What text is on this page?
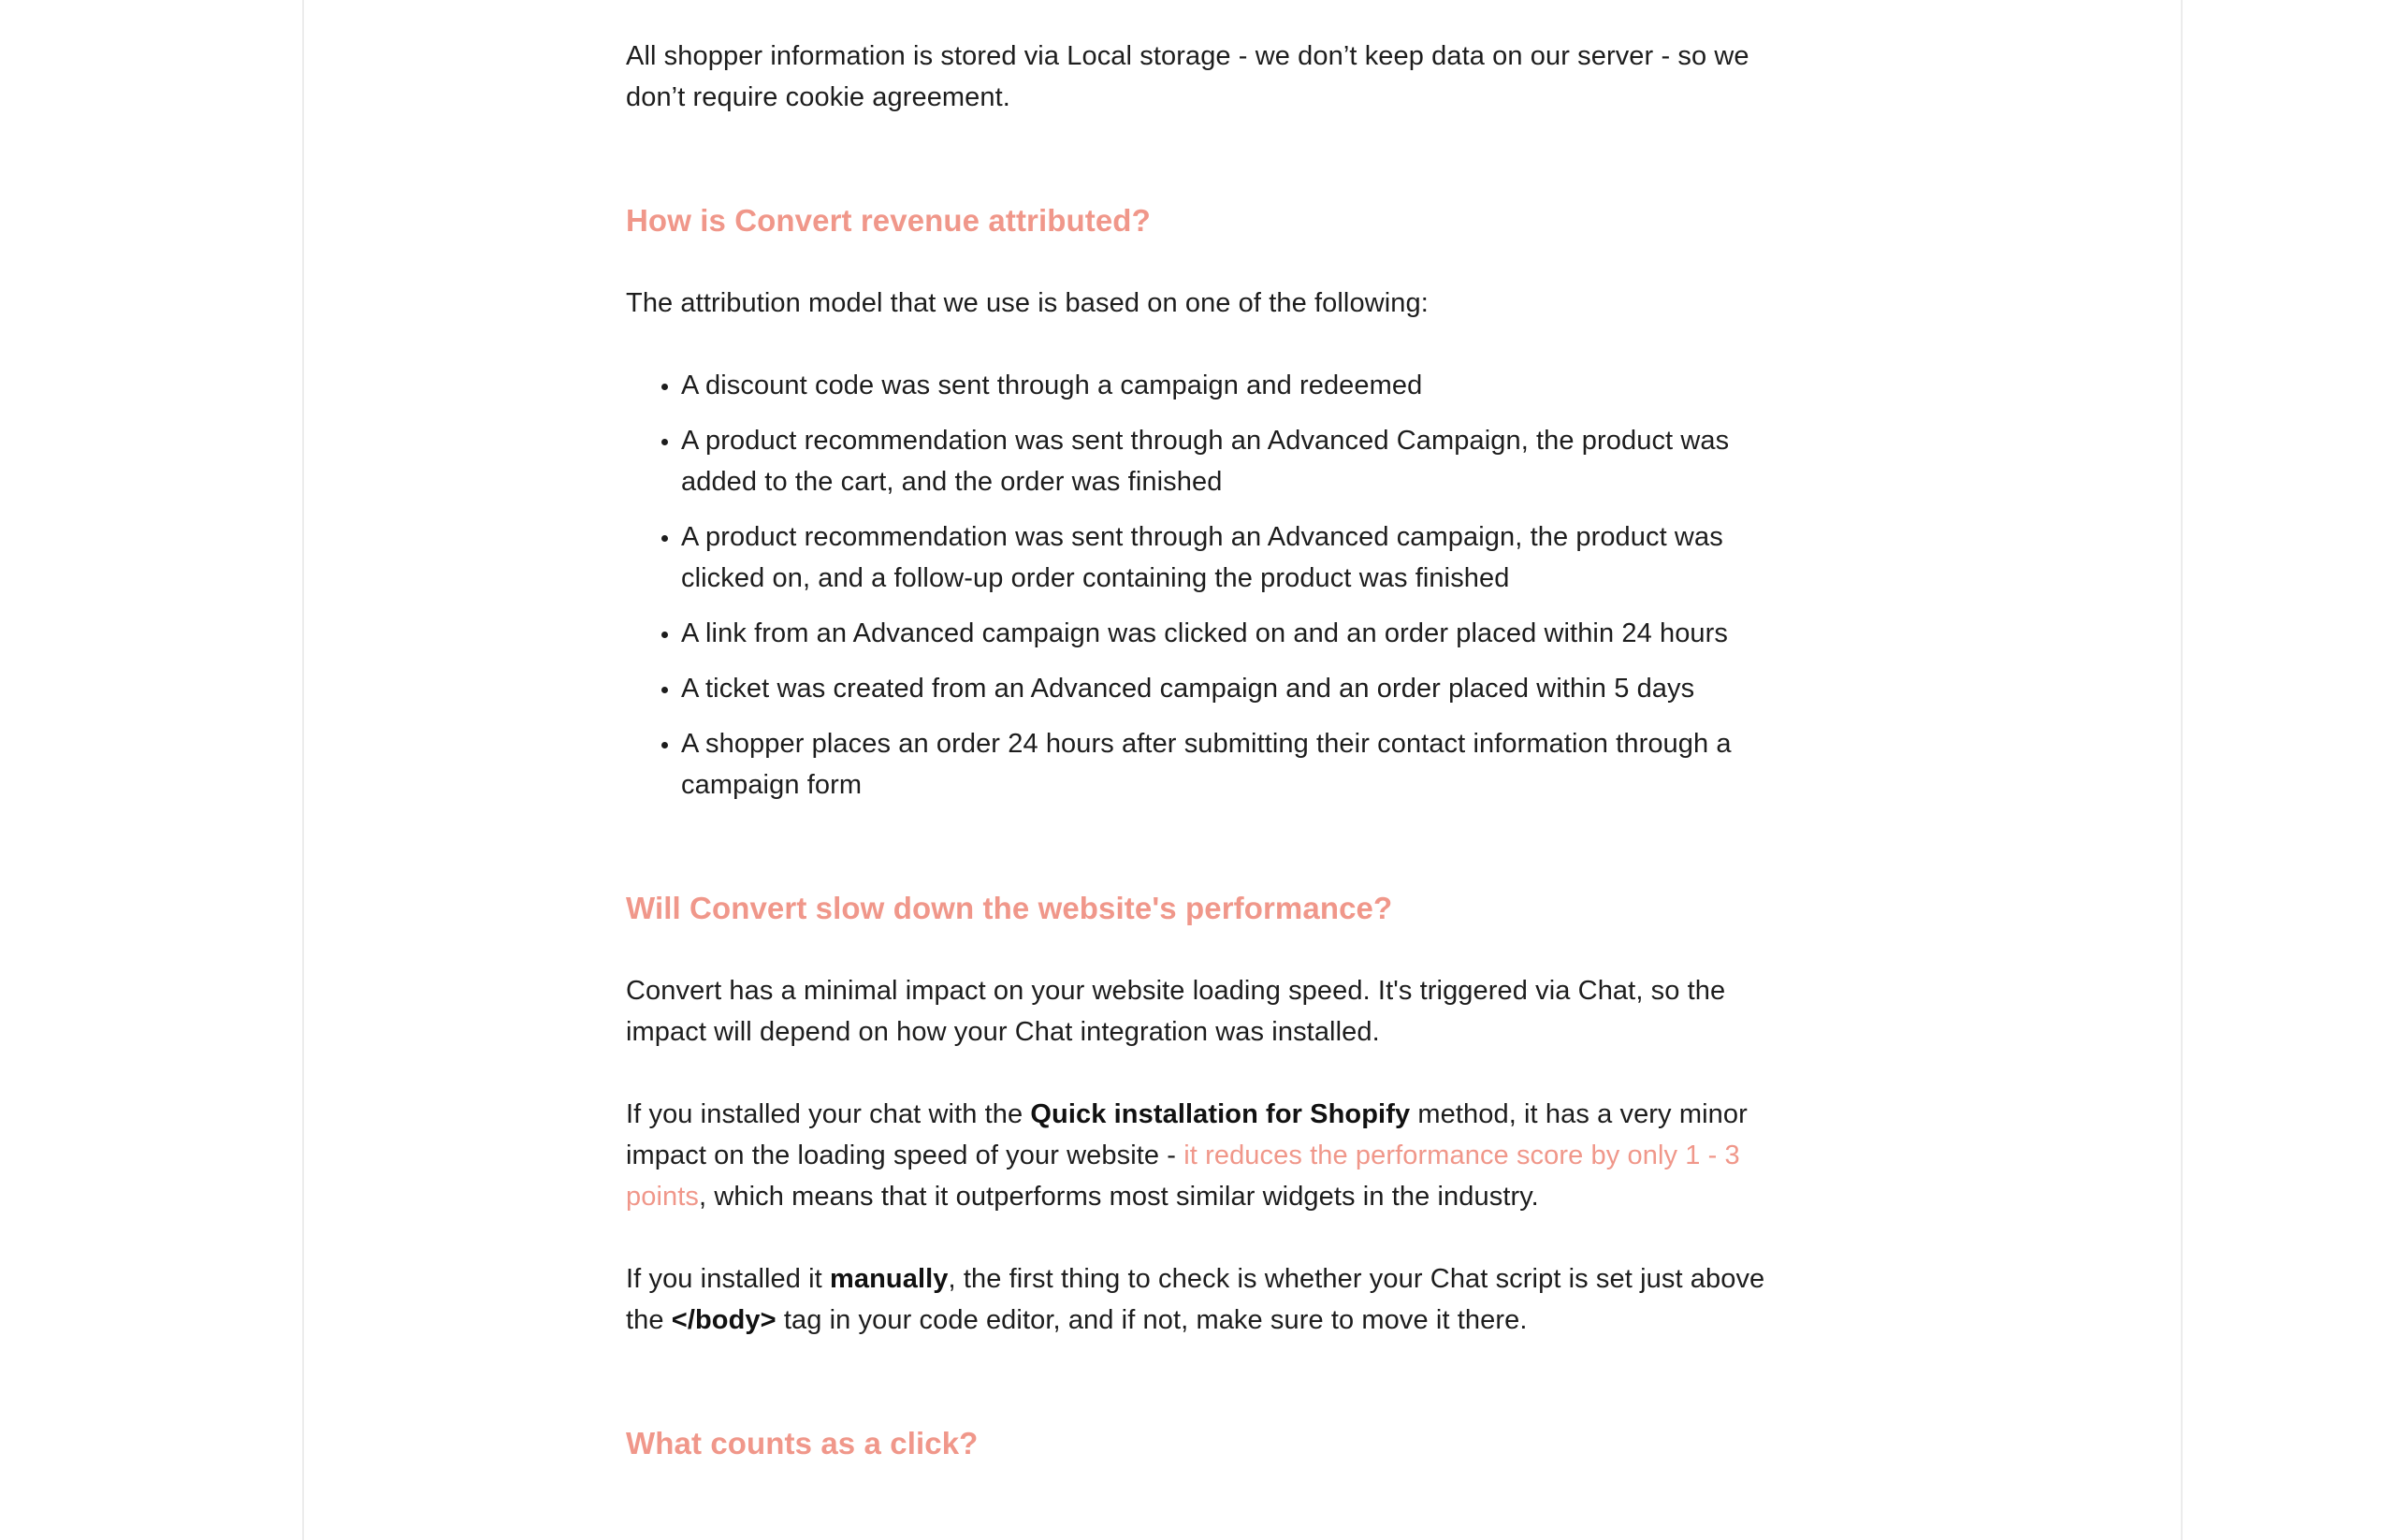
All shopper information is stored via Local storage - we don’t keep data on our server - so we don’t require cookie agreement.

How is Convert revenue attributed?

The attribution model that we use is based on one of the following:

• A discount code was sent through a campaign and redeemed
• A product recommendation was sent through an Advanced Campaign, the product was added to the cart, and the order was finished
• A product recommendation was sent through an Advanced campaign, the product was clicked on, and a follow-up order containing the product was finished
• A link from an Advanced campaign was clicked on and an order placed within 24 hours
• A ticket was created from an Advanced campaign and an order placed within 5 days
• A shopper places an order 24 hours after submitting their contact information through a campaign form
Will Convert slow down the website's performance?

Convert has a minimal impact on your website loading speed. It's triggered via Chat, so the impact will depend on how your Chat integration was installed.

If you installed your chat with the Quick installation for Shopify method, it has a very minor impact on the loading speed of your website - it reduces the performance score by only 1 - 3 points, which means that it outperforms most similar widgets in the industry.

If you installed it manually, the first thing to check is whether your Chat script is set just above the </body> tag in your code editor, and if not, make sure to move it there.

What counts as a click?
